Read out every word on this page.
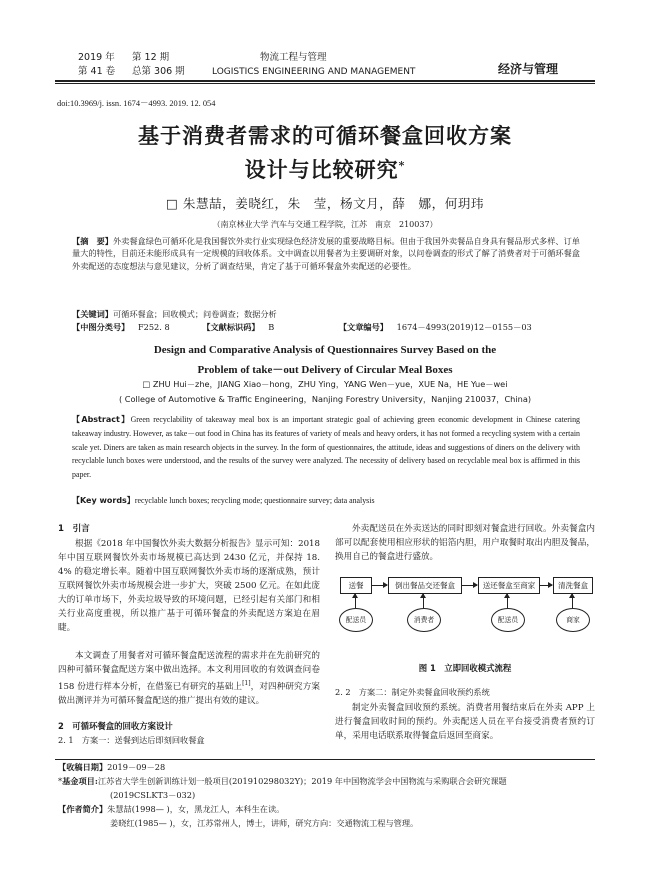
2019 年 第 12 期
第 41 卷 总第 306 期
物流工程与管理
LOGISTICS ENGINEERING AND MANAGEMENT	经济与管理
doi:10.3969/j. issn. 1674－4993. 2019. 12. 054
基于消费者需求的可循环餐盒回收方案
设计与比较研究*
□ 朱慧喆，姜晓红，朱　莹，杨文月，薛　娜，何玥玮
（南京林业大学 汽车与交通工程学院，江苏　南京　210037）
【摘　要】外卖餐盒绿色可循环化是我国餐饮外卖行业实现绿色经济发展的重要战略目标。但由于我国外卖餐品自身具有餐品形式多样、订单量大的特性，目前还未能形成具有一定规模的回收体系。文中调查以用餐者为主要调研对象，以问卷调查的形式了解了消费者对于可循环餐盒外卖配送的态度想法与意见建议，分析了调查结果，肯定了基于可循环餐盒外卖配送的必要性。
【关键词】可循环餐盒；回收模式；问卷调查；数据分析
【中图分类号】 F252. 8	【文献标识码】 B	【文章编号】 1674－4993(2019)12－0155－03
Design and Comparative Analysis of Questionnaires Survey Based on the
Problem of take－out Delivery of Circular Meal Boxes
□ ZHU Hui－zhe，JIANG Xiao－hong，ZHU Ying，YANG Wen－yue，XUE Na，HE Yue－wei
( College of Automotive & Traffic Engineering，Nanjing Forestry University，Nanjing 210037，China)
【Abstract】Green recyclability of takeaway meal box is an important strategic goal of achieving green economic development in Chinese catering takeaway industry. However, as take－out food in China has its features of variety of meals and heavy orders, it has not formed a recycling system with a certain scale yet. Diners are taken as main research objects in the survey. In the form of questionnaires, the attitude, ideas and suggestions of diners on the delivery with recyclable lunch boxes were understood, and the results of the survey were analyzed. The necessity of delivery based on recyclable meal box is affirmed in this paper.
【Key words】recyclable lunch boxes; recycling mode; questionnaire survey; data analysis
1　引言
根据《2018 年中国餐饮外卖大数据分析报告》显示可知：2018 年中国互联网餐饮外卖市场规模已高达到 2430 亿元，并保持 18. 4% 的稳定增长率。随着中国互联网餐饮外卖市场的逐渐成熟，预计互联网餐饮外卖市场规模会进一步扩大，突破 2500 亿元。在如此庞大的订单市场下，外卖垃圾导致的环境问题，已经引起有关部门和相关行业高度重视，所以推广基于可循环餐盒的外卖配送方案迫在眉睫。
本文调查了用餐者对可循环餐盒配送流程的需求并在先前研究的四种可循环餐盒配送方案中做出选择。本文利用回收的有效调查问卷 158 份进行样本分析，在借鉴已有研究的基础上[1]，对四种研究方案做出测评并为可循环餐盒配送的推广提出有效的建议。
2　可循环餐盒的回收方案设计
2. 1　方案一：送餐到达后即刻回收餐盒
外卖配送员在外卖送达的同时即刻对餐盒进行回收。外卖餐盒内部可以配套使用相应形状的铝箔内胆，用户取餐时取出内胆及餐品，换用自己的餐盒进行盛放。
送餐	倒出餐品交还餐盒	送还餐盒至商家	清洗餐盒
配送员	消费者	配送员	商家
图 1　立即回收模式流程
2. 2　方案二：制定外卖餐盒回收预约系统
制定外卖餐盒回收预约系统。消费者用餐结束后在外卖 APP 上进行餐盒回收时间的预约。外卖配送人员在平台接受消费者预约订单，采用电话联系取得餐盒后返回至商家。
【收稿日期】2019－09－28
*基金项目:江苏省大学生创新训练计划一般项目(201910298032Y)；2019 年中国物流学会中国物流与采购联合会研究课题
(2019CSLKT3－032)
【作者简介】朱慧喆(1998— )，女，黑龙江人，本科生在读。
姜晓红(1985— )，女，江苏常州人，博士，讲师，研究方向：交通物流工程与管理。
